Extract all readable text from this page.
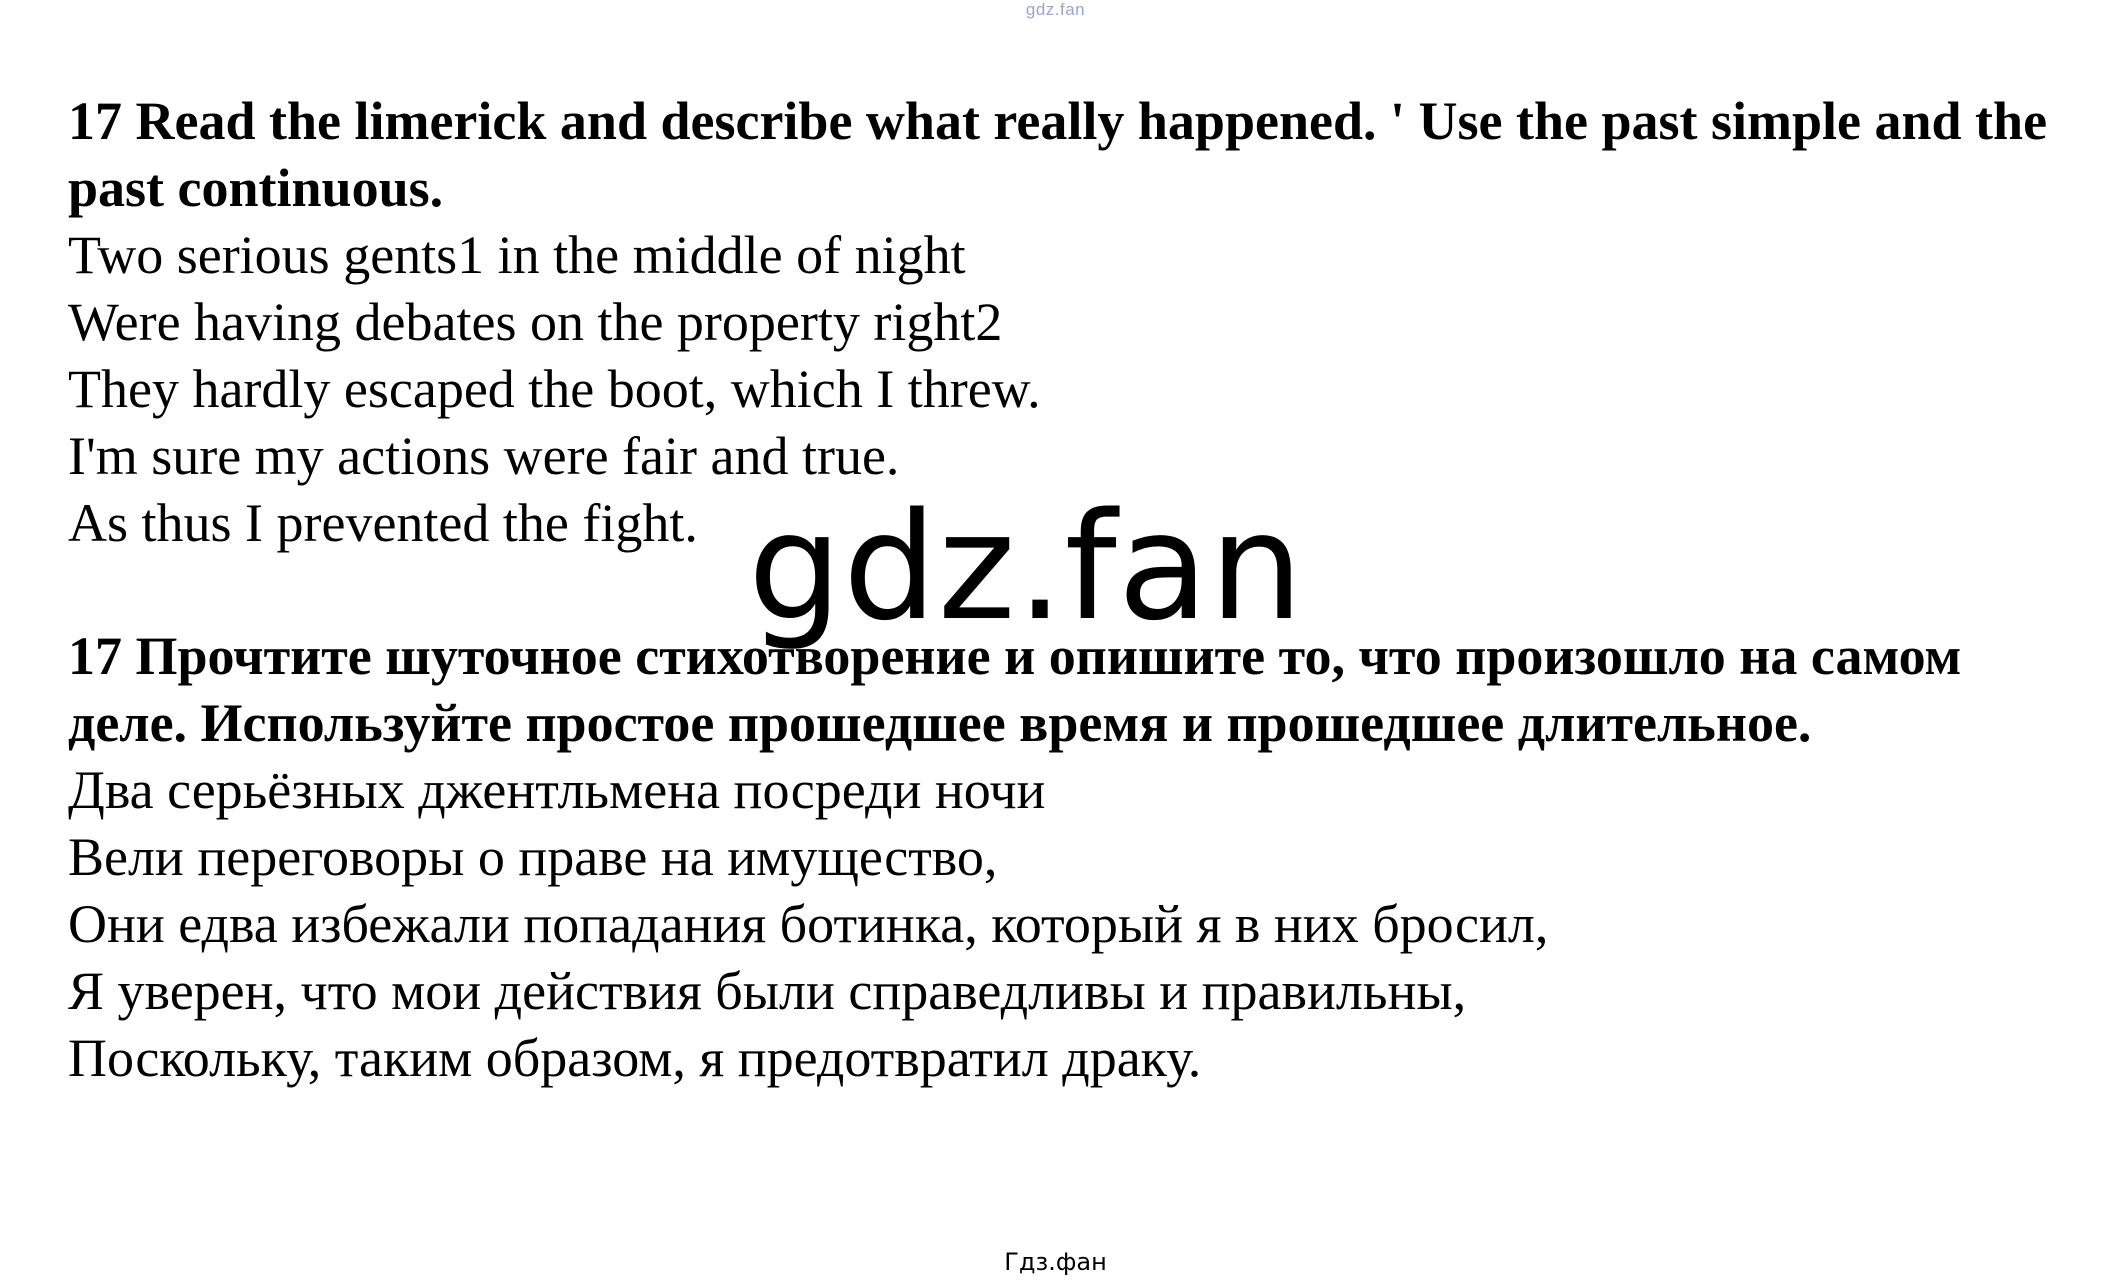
gdz.fan

17 Read the limerick and describe what really happened. ' Use the past simple and the past continuous.

Two serious gents1 in the middle of night

Were having debates on the property right2

They hardly escaped the boot, which I threw.

I'm sure my actions were fair and true.

As thus I prevented the fight.

17 Прочтите шуточное стихотворение и опишите то, что произошло на самом деле. Используйте простое прошедшее время и прошедшее длительное.

Два серьёзных джентльмена посреди ночи

Вели переговоры о праве на имущество,

Они едва избежали попадания ботинка, который я в них бросил,

Я уверен, что мои действия были справедливы и правильны,

Поскольку, таким образом, я предотвратил драку.

gdz.fan
Гдз.фан
